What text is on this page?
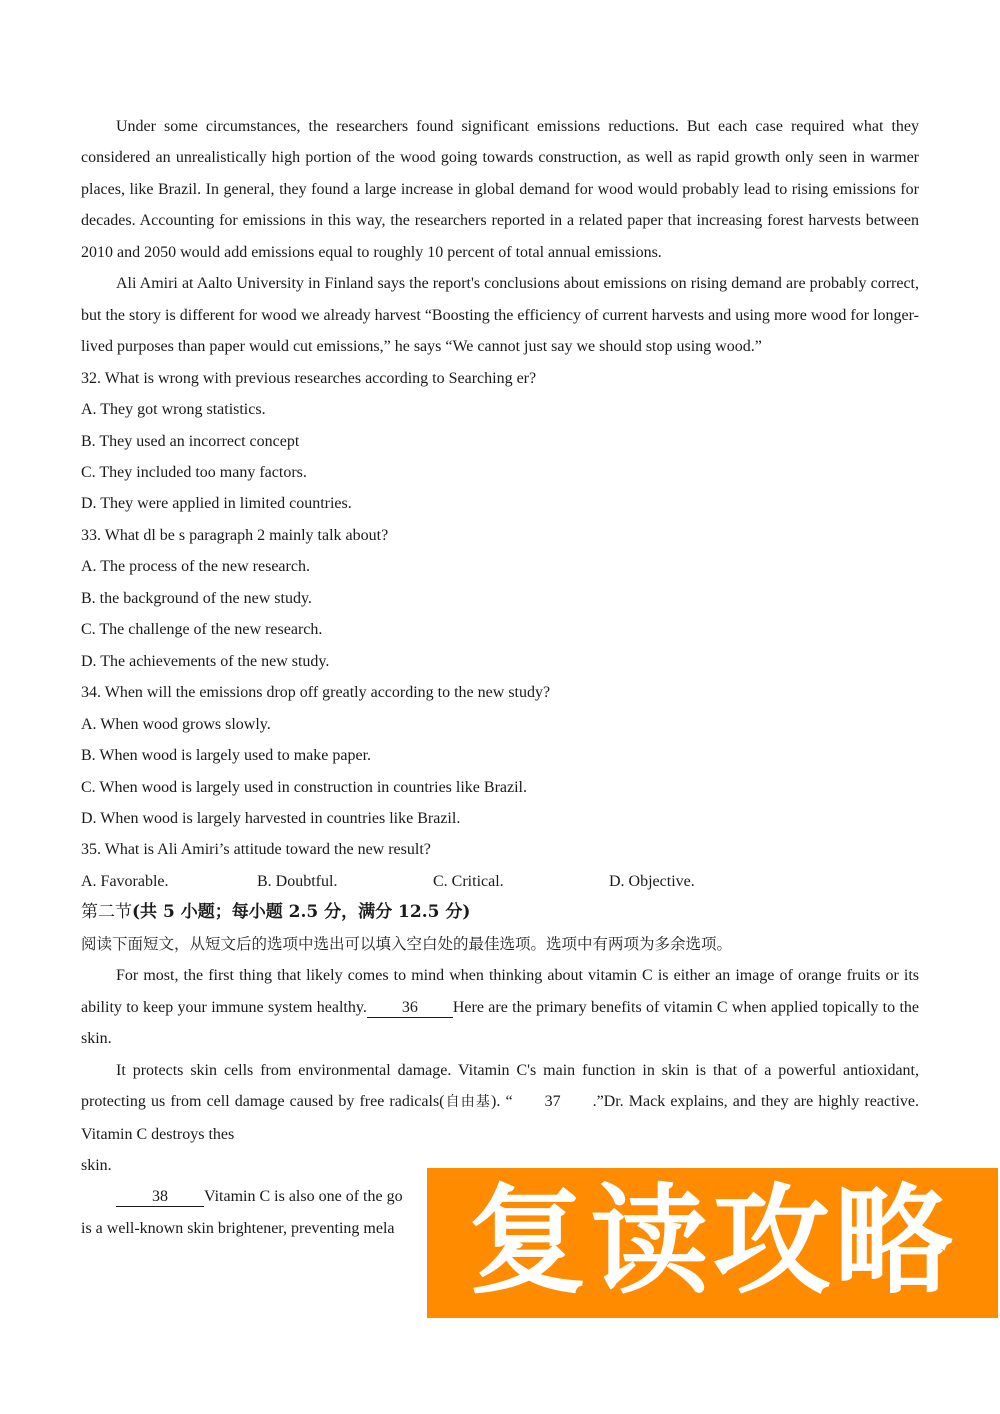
Under some circumstances, the researchers found significant emissions reductions. But each case required what they considered an unrealistically high portion of the wood going towards construction, as well as rapid growth only seen in warmer places, like Brazil. In general, they found a large increase in global demand for wood would probably lead to rising emissions for decades. Accounting for emissions in this way, the researchers reported in a related paper that increasing forest harvests between 2010 and 2050 would add emissions equal to roughly 10 percent of total annual emissions.

Ali Amiri at Aalto University in Finland says the report's conclusions about emissions on rising demand are probably correct, but the story is different for wood we already harvest “Boosting the efficiency of current harvests and using more wood for longer-lived purposes than paper would cut emissions,” he says “We cannot just say we should stop using wood.”

32. What is wrong with previous researches according to Searching er?

A. They got wrong statistics.

B. They used an incorrect concept

C. They included too many factors.

D. They were applied in limited countries.

33. What dl be s paragraph 2 mainly talk about?

A. The process of the new research.

B. the background of the new study.

C. The challenge of the new research.

D. The achievements of the new study.

34. When will the emissions drop off greatly according to the new study?

A. When wood grows slowly.

B. When wood is largely used to make paper.

C. When wood is largely used in construction in countries like Brazil.

D. When wood is largely harvested in countries like Brazil.

35. What is Ali Amiri’s attitude toward the new result?

A. Favorable.	B. Doubtful.	C. Critical.	D. Objective.

第二节(共 5 小题；每小题 2.5 分，满分 12.5 分)

阅读下面短文，从短文后的选项中选出可以填入空白处的最佳选项。选项中有两项为多余选项。

For most, the first thing that likely comes to mind when thinking about vitamin C is either an image of orange fruits or its ability to keep your immune system healthy. 36 Here are the primary benefits of vitamin C when applied topically to the skin.

It protects skin cells from environmental damage. Vitamin C's main function in skin is that of a powerful antioxidant, protecting us from cell damage caused by free radicals(自由基). “ 37 .”Dr. Mack explains, and they are highly reactive. Vitamin C destroys thes

skin.

38 Vitamin C is also one of the go

is a well-known skin brightener, preventing mela 复读攻略
